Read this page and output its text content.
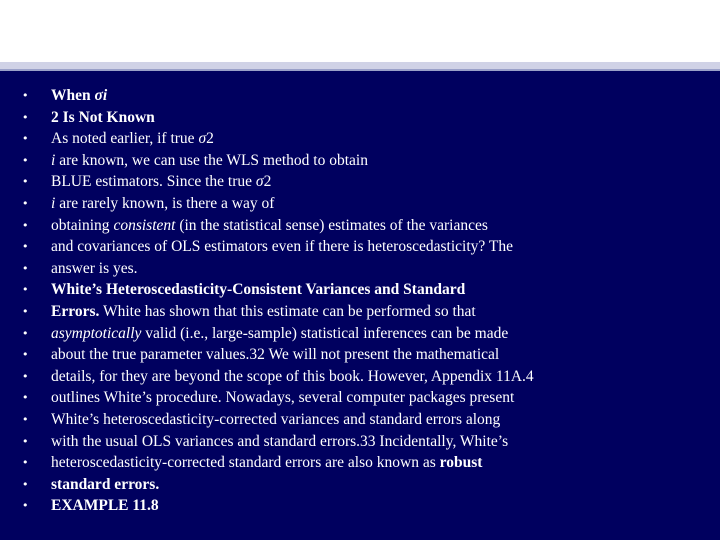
• When σi
• 2 Is Not Known
• As noted earlier, if true σ2
• i are known, we can use the WLS method to obtain
• BLUE estimators. Since the true σ2
• i are rarely known, is there a way of
• obtaining consistent (in the statistical sense) estimates of the variances
• and covariances of OLS estimators even if there is heteroscedasticity? The
• answer is yes.
• White’s Heteroscedasticity-Consistent Variances and Standard
• Errors. White has shown that this estimate can be performed so that
• asymptotically valid (i.e., large-sample) statistical inferences can be made
• about the true parameter values.32 We will not present the mathematical
• details, for they are beyond the scope of this book. However, Appendix 11A.4
• outlines White’s procedure. Nowadays, several computer packages present
• White’s heteroscedasticity-corrected variances and standard errors along
• with the usual OLS variances and standard errors.33 Incidentally, White’s
• heteroscedasticity-corrected standard errors are also known as robust
• standard errors.
• EXAMPLE 11.8
